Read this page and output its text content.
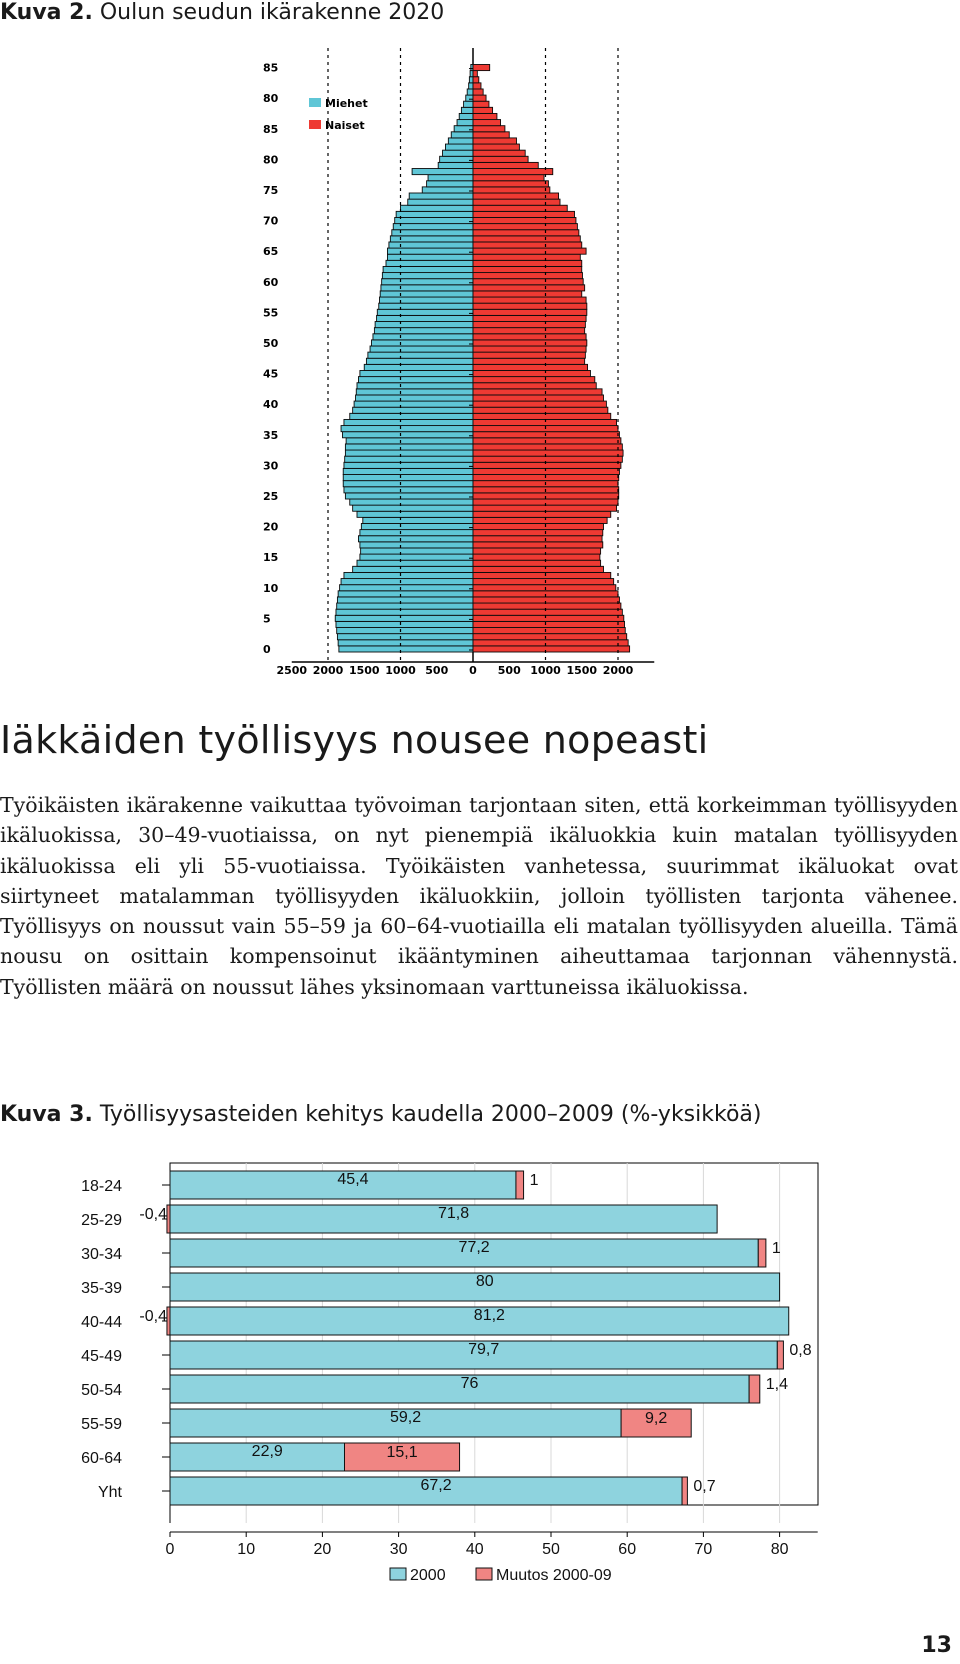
Kuva 2. Oulun seudun ikärakenne 2020
85
80
85
80
75
70
65
60
55
50
45
40
35
30
25
20
15
10
5
0
2500 2000 1500 1000 500 0 500 1000 1500 2000
Miehet
Naiset
Iäkkäiden työllisyys nousee nopeasti

Työikäisten ikärakenne vaikuttaa työvoiman tarjontaan siten, että korkeimman työllisyyden ikäluokissa, 30–49-vuotiaissa, on nyt pienempiä ikäluokkia kuin matalan työllisyyden ikäluokissa eli yli 55-vuotiaissa. Työikäisten vanhetessa, suurimmat ikäluokat ovat siirtyneet matalamman työllisyyden ikäluokkiin, jolloin työllisten tarjonta vähenee. Työllisyys on noussut vain 55–59 ja 60–64-vuotiailla eli matalan työllisyyden alueilla. Tämä nousu on osittain kompensoinut ikääntyminen aiheuttamaa tarjonnan vähennystä. Työllisten määrä on noussut lähes yksinomaan varttuneissa ikäluokissa.

Kuva 3. Työllisyysasteiden kehitys kaudella 2000–2009 (%-yksikköä)
18-24	45,4	1
25-29	71,8
-0,4
30-34	77,2	1
35-39	80
40-44	81,2
-0,4
45-49	79,7	0,8
50-54	76	1,4
55-59	59,2	9,2
60-64	22,9	15,1
Yht	67,2	0,7
0	10	20	30	40	50	60	70	80
2000	Muutos 2000-09
13
